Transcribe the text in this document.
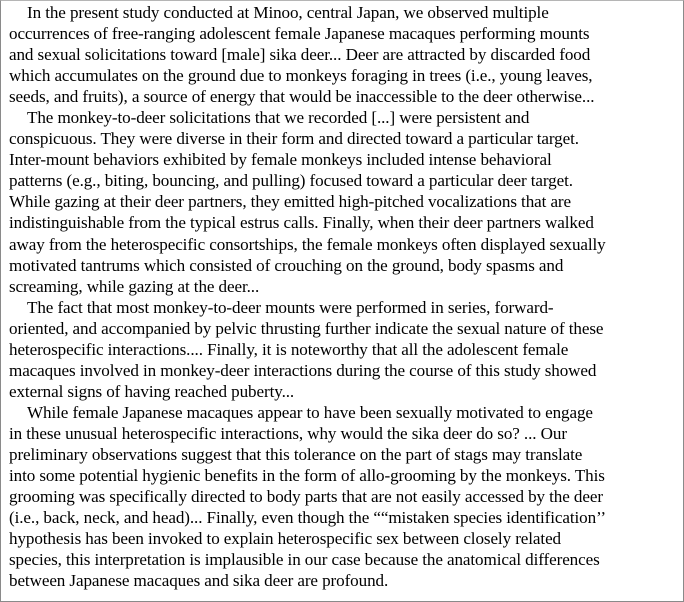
In the present study conducted at Minoo, central Japan, we observed multiple
occurrences of free-ranging adolescent female Japanese macaques performing mounts
and sexual solicitations toward [male] sika deer... Deer are attracted by discarded food
which accumulates on the ground due to monkeys foraging in trees (i.e., young leaves,
seeds, and fruits), a source of energy that would be inaccessible to the deer otherwise...

The monkey-to-deer solicitations that we recorded [...] were persistent and
conspicuous. They were diverse in their form and directed toward a particular target.
Inter-mount behaviors exhibited by female monkeys included intense behavioral
patterns (e.g., biting, bouncing, and pulling) focused toward a particular deer target.
While gazing at their deer partners, they emitted high-pitched vocalizations that are
indistinguishable from the typical estrus calls. Finally, when their deer partners walked
away from the heterospecific consortships, the female monkeys often displayed sexually
motivated tantrums which consisted of crouching on the ground, body spasms and
screaming, while gazing at the deer...

The fact that most monkey-to-deer mounts were performed in series, forward-
oriented, and accompanied by pelvic thrusting further indicate the sexual nature of these
heterospecific interactions.... Finally, it is noteworthy that all the adolescent female
macaques involved in monkey-deer interactions during the course of this study showed
external signs of having reached puberty...

While female Japanese macaques appear to have been sexually motivated to engage
in these unusual heterospecific interactions, why would the sika deer do so? ... Our
preliminary observations suggest that this tolerance on the part of stags may translate
into some potential hygienic benefits in the form of allo-grooming by the monkeys. This
grooming was specifically directed to body parts that are not easily accessed by the deer
(i.e., back, neck, and head)... Finally, even though the ““mistaken species identification’’
hypothesis has been invoked to explain heterospecific sex between closely related
species, this interpretation is implausible in our case because the anatomical differences
between Japanese macaques and sika deer are profound.
